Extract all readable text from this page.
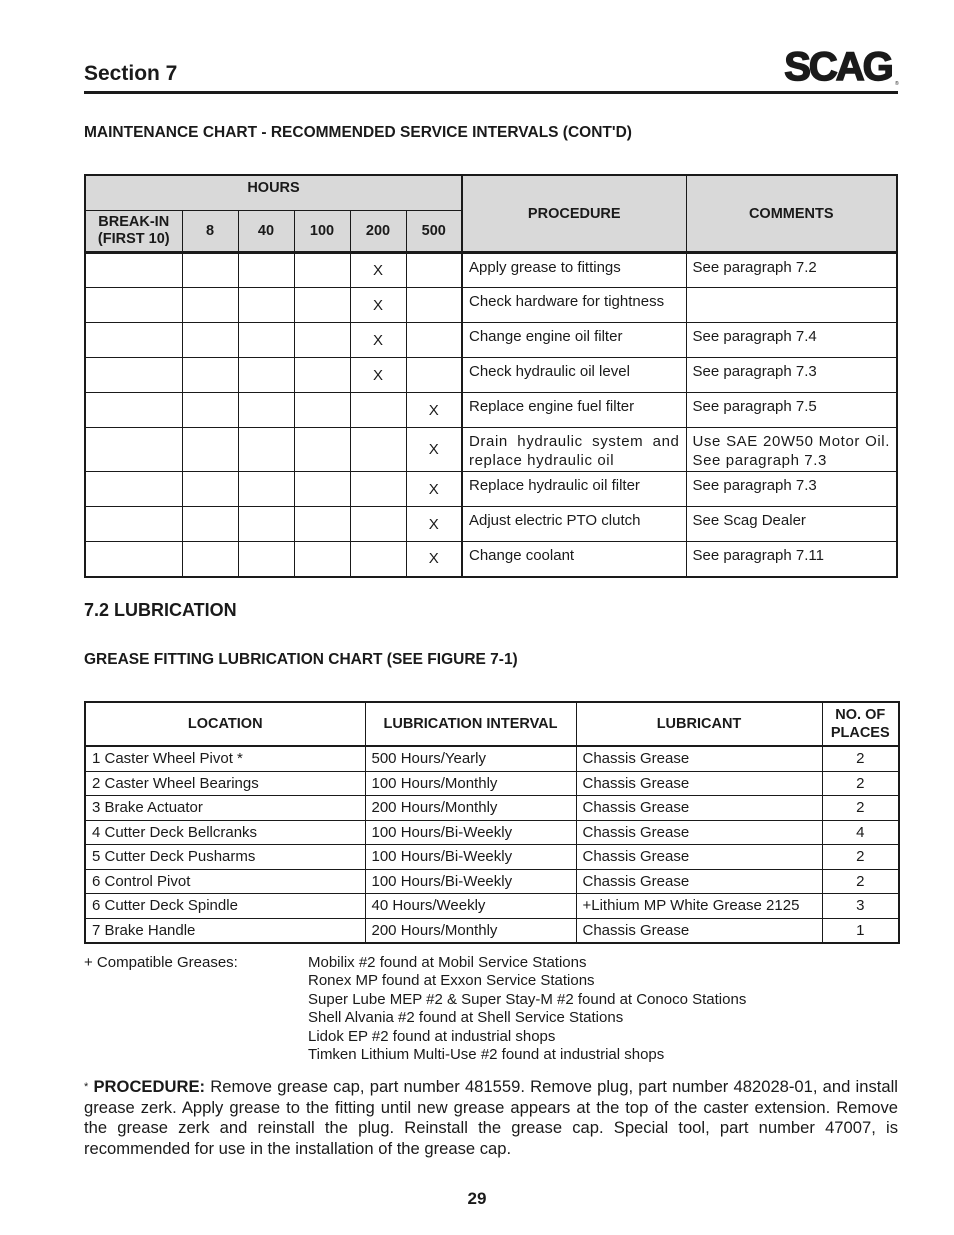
Section 7	SCAG ®
MAINTENANCE CHART - RECOMMENDED SERVICE INTERVALS (CONT'D)
HOURS						PROCEDURE	COMMENTS
BREAK-IN (FIRST 10)	8	40	100	200	500		
				X		Apply grease to fittings	See paragraph 7.2
				X		Check hardware for tightness	
				X		Change engine oil filter	See paragraph 7.4
				X		Check hydraulic oil level	See paragraph 7.3
					X	Replace engine fuel filter	See paragraph 7.5
					X	Drain hydraulic system and replace hydraulic oil	Use SAE 20W50 Motor Oil. See paragraph 7.3
					X	Replace hydraulic oil filter	See paragraph 7.3
					X	Adjust electric PTO clutch	See Scag Dealer
					X	Change coolant	See paragraph 7.11
7.2 LUBRICATION
GREASE FITTING LUBRICATION CHART (SEE FIGURE 7-1)
LOCATION	LUBRICATION INTERVAL	LUBRICANT	NO. OF PLACES
1 Caster Wheel Pivot *	500 Hours/Yearly	Chassis Grease	2
2 Caster Wheel Bearings	100 Hours/Monthly	Chassis Grease	2
3 Brake Actuator	200 Hours/Monthly	Chassis Grease	2
4 Cutter Deck Bellcranks	100 Hours/Bi-Weekly	Chassis Grease	4
5 Cutter Deck Pusharms	100 Hours/Bi-Weekly	Chassis Grease	2
6 Control Pivot	100 Hours/Bi-Weekly	Chassis Grease	2
6 Cutter Deck Spindle	40 Hours/Weekly	+Lithium MP White Grease 2125	3
7 Brake Handle	200 Hours/Monthly	Chassis Grease	1
+ Compatible Greases:	Mobilix #2 found at Mobil Service Stations
Ronex MP found at Exxon Service Stations
Super Lube MEP #2 & Super Stay-M #2 found at Conoco Stations
Shell Alvania #2 found at Shell Service Stations
Lidok EP #2 found at industrial shops
Timken Lithium Multi-Use #2 found at industrial shops
* PROCEDURE: Remove grease cap, part number 481559. Remove plug, part number 482028-01, and install grease zerk. Apply grease to the fitting until new grease appears at the top of the caster extension. Remove the grease zerk and reinstall the plug. Reinstall the grease cap. Special tool, part number 47007, is recommended for use in the installation of the grease cap.
29
